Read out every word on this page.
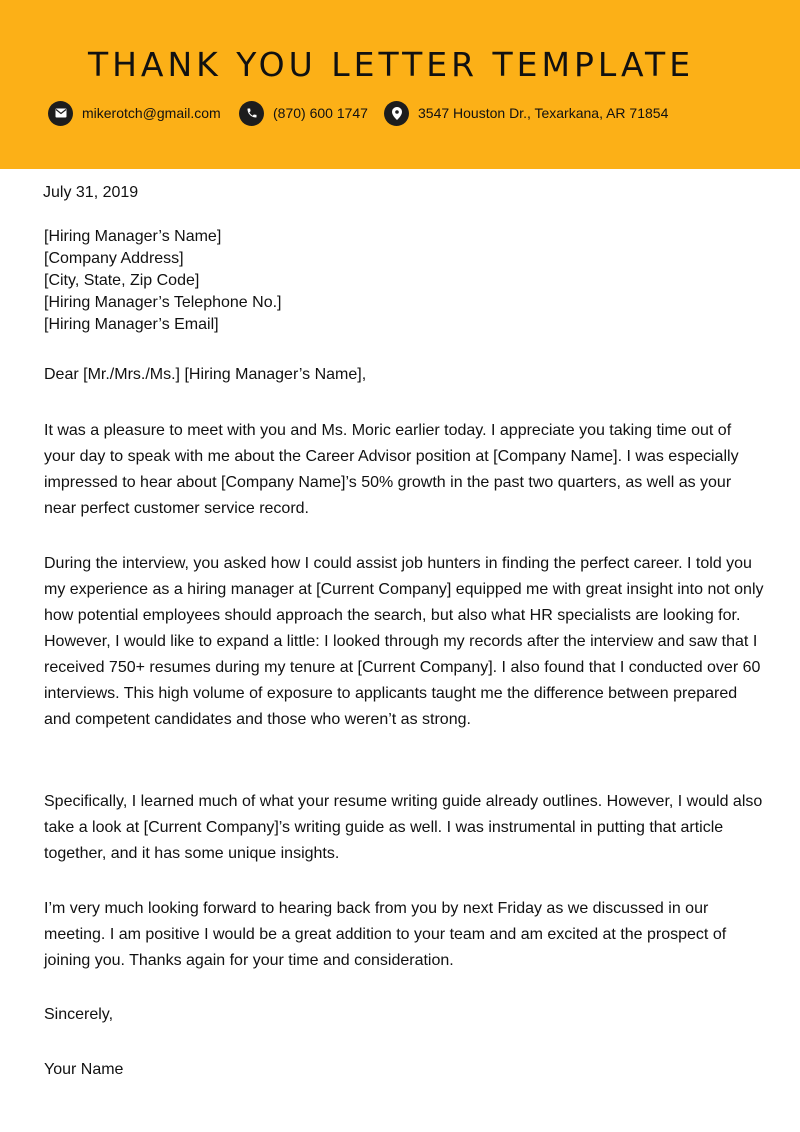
THANK YOU LETTER TEMPLATE
mikerotch@gmail.com	(870) 600 1747	3547 Houston Dr., Texarkana, AR 71854
July 31, 2019
[Hiring Manager’s Name]
[Company Address]
[City, State, Zip Code]
[Hiring Manager’s Telephone No.]
[Hiring Manager’s Email]
Dear [Mr./Mrs./Ms.] [Hiring Manager’s Name],

It was a pleasure to meet with you and Ms. Moric earlier today. I appreciate you taking time out of your day to speak with me about the Career Advisor position at [Company Name]. I was especially impressed to hear about [Company Name]’s 50% growth in the past two quarters, as well as your near perfect customer service record.

During the interview, you asked how I could assist job hunters in finding the perfect career. I told you my experience as a hiring manager at [Current Company] equipped me with great insight into not only how potential employees should approach the search, but also what HR specialists are looking for. However, I would like to expand a little: I looked through my records after the interview and saw that I received 750+ resumes during my tenure at [Current Company]. I also found that I conducted over 60 interviews. This high volume of exposure to applicants taught me the difference between prepared and competent candidates and those who weren’t as strong.

Specifically, I learned much of what your resume writing guide already outlines. However, I would also take a look at [Current Company]’s writing guide as well. I was instrumental in putting that article together, and it has some unique insights.

I’m very much looking forward to hearing back from you by next Friday as we discussed in our meeting. I am positive I would be a great addition to your team and am excited at the prospect of joining you. Thanks again for your time and consideration.

Sincerely,
Your Name
